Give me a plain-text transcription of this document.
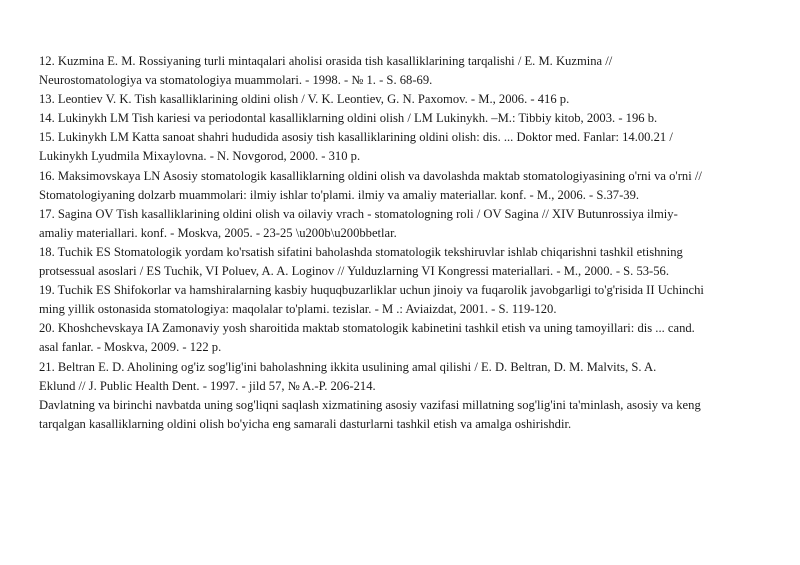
12. Kuzmina E. M. Rossiyaning turli mintaqalari aholisi orasida tish kasalliklarining tarqalishi / E. M. Kuzmina //
Neurostomatologiya va stomatologiya muammolari. - 1998. - № 1. - S. 68-69.
13. Leontiev V. K. Tish kasalliklarining oldini olish / V. K. Leontiev, G. N. Paxomov. - M., 2006. - 416 p.
14. Lukinykh LM Tish kariesi va periodontal kasalliklarning oldini olish / LM Lukinykh. –M.: Tibbiy kitob, 2003. - 196 b.
15. Lukinykh LM Katta sanoat shahri hududida asosiy tish kasalliklarining oldini olish: dis. ... Doktor med. Fanlar: 14.00.21 /
Lukinykh Lyudmila Mixaylovna. - N. Novgorod, 2000. - 310 p.
16. Maksimovskaya LN Asosiy stomatologik kasalliklarning oldini olish va davolashda maktab stomatologiyasining o'rni va o'rni //
Stomatologiyaning dolzarb muammolari: ilmiy ishlar to'plami. ilmiy va amaliy materiallar. konf. - M., 2006. - S.37-39.
17. Sagina OV Tish kasalliklarining oldini olish va oilaviy vrach - stomatologning roli / OV Sagina // XIV Butunrossiya ilmiy-
amaliy materiallari. konf. - Moskva, 2005. - 23-25 \u200b\u200bbetlar.
18. Tuchik ES Stomatologik yordam ko'rsatish sifatini baholashda stomatologik tekshiruvlar ishlab chiqarishni tashkil etishning
protsessual asoslari / ES Tuchik, VI Poluev, A. A. Loginov // Yulduzlarning VI Kongressi materiallari. - M., 2000. - S. 53-56.
19. Tuchik ES Shifokorlar va hamshiralarning kasbiy huquqbuzarliklar uchun jinoiy va fuqarolik javobgarligi to'g'risida II Uchinchi
ming yillik ostonasida stomatologiya: maqolalar to'plami. tezislar. - M .: Aviaizdat, 2001. - S. 119-120.
20. Khoshchevskaya IA Zamonaviy yosh sharoitida maktab stomatologik kabinetini tashkil etish va uning tamoyillari: dis ... cand.
asal fanlar. - Moskva, 2009. - 122 p.
21. Beltran E. D. Aholining og'iz sog'lig'ini baholashning ikkita usulining amal qilishi / E. D. Beltran, D. M. Malvits, S. A.
Eklund // J. Public Health Dent. - 1997. - jild 57, № A.-P. 206-214.
Davlatning va birinchi navbatda uning sog'liqni saqlash xizmatining asosiy vazifasi millatning sog'lig'ini ta'minlash, asosiy va keng
tarqalgan kasalliklarning oldini olish bo'yicha eng samarali dasturlarni tashkil etish va amalga oshirishdir.
